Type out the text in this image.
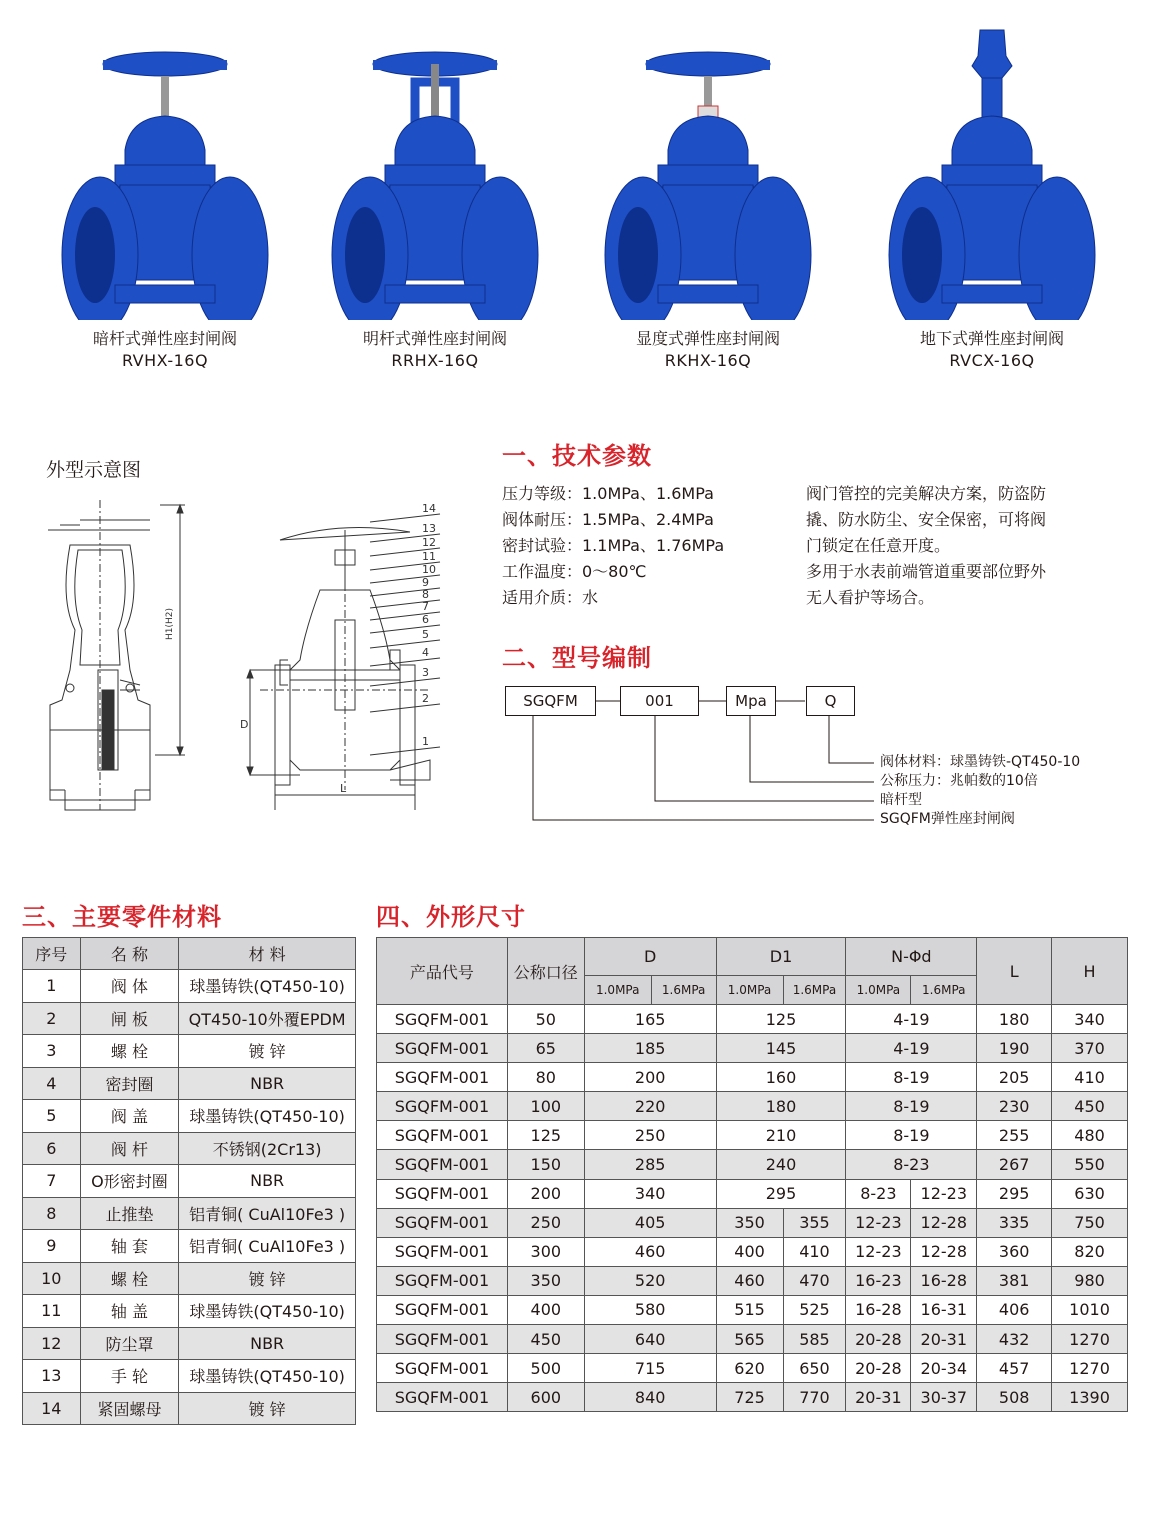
暗杆式弹性座封闸阀
RVHX-16Q
明杆式弹性座封闸阀
RRHX-16Q
显度式弹性座封闸阀
RKHX-16Q
地下式弹性座封闸阀
RVCX-16Q
外型示意图
H1(H2)
D
L
14
13
12
11
10
9
8
7
6
5
4
3
2
1
一、技术参数
压力等级：1.0MPa、1.6MPa
阀体耐压：1.5MPa、2.4MPa
密封试验：1.1MPa、1.76MPa
工作温度：0～80℃
适用介质：水
阀门管控的完美解决方案，防盗防
撬、防水防尘、安全保密，可将阀
门锁定在任意开度。
多用于水表前端管道重要部位野外
无人看护等场合。
二、型号编制
SGQFM	001	Mpa	Q
阀体材料：球墨铸铁-QT450-10
公称压力：兆帕数的10倍
暗杆型
SGQFM弹性座封闸阀
三、主要零件材料
序号	名 称	材 料
1	阀 体	球墨铸铁(QT450-10)
2	闸 板	QT450-10外覆EPDM
3	螺 栓	镀 锌
4	密封圈	NBR
5	阀 盖	球墨铸铁(QT450-10)
6	阀 杆	不锈钢(2Cr13)
7	O形密封圈	NBR
8	止推垫	铝青铜( CuAl10Fe3 )
9	轴 套	铝青铜( CuAl10Fe3 )
10	螺 栓	镀 锌
11	轴 盖	球墨铸铁(QT450-10)
12	防尘罩	NBR
13	手 轮	球墨铸铁(QT450-10)
14	紧固螺母	镀 锌
四、外形尺寸
产品代号	公称口径	D		D1		N-Φd		L	H
		1.0MPa	1.6MPa	1.0MPa	1.6MPa	1.0MPa	1.6MPa		
SGQFM-001	50	165		125		4-19		180	340
SGQFM-001	65	185		145		4-19		190	370
SGQFM-001	80	200		160		8-19		205	410
SGQFM-001	100	220		180		8-19		230	450
SGQFM-001	125	250		210		8-19		255	480
SGQFM-001	150	285		240		8-23		267	550
SGQFM-001	200	340		295		8-23	12-23	295	630
SGQFM-001	250	405		350	355	12-23	12-28	335	750
SGQFM-001	300	460		400	410	12-23	12-28	360	820
SGQFM-001	350	520		460	470	16-23	16-28	381	980
SGQFM-001	400	580		515	525	16-28	16-31	406	1010
SGQFM-001	450	640		565	585	20-28	20-31	432	1270
SGQFM-001	500	715		620	650	20-28	20-34	457	1270
SGQFM-001	600	840		725	770	20-31	30-37	508	1390
